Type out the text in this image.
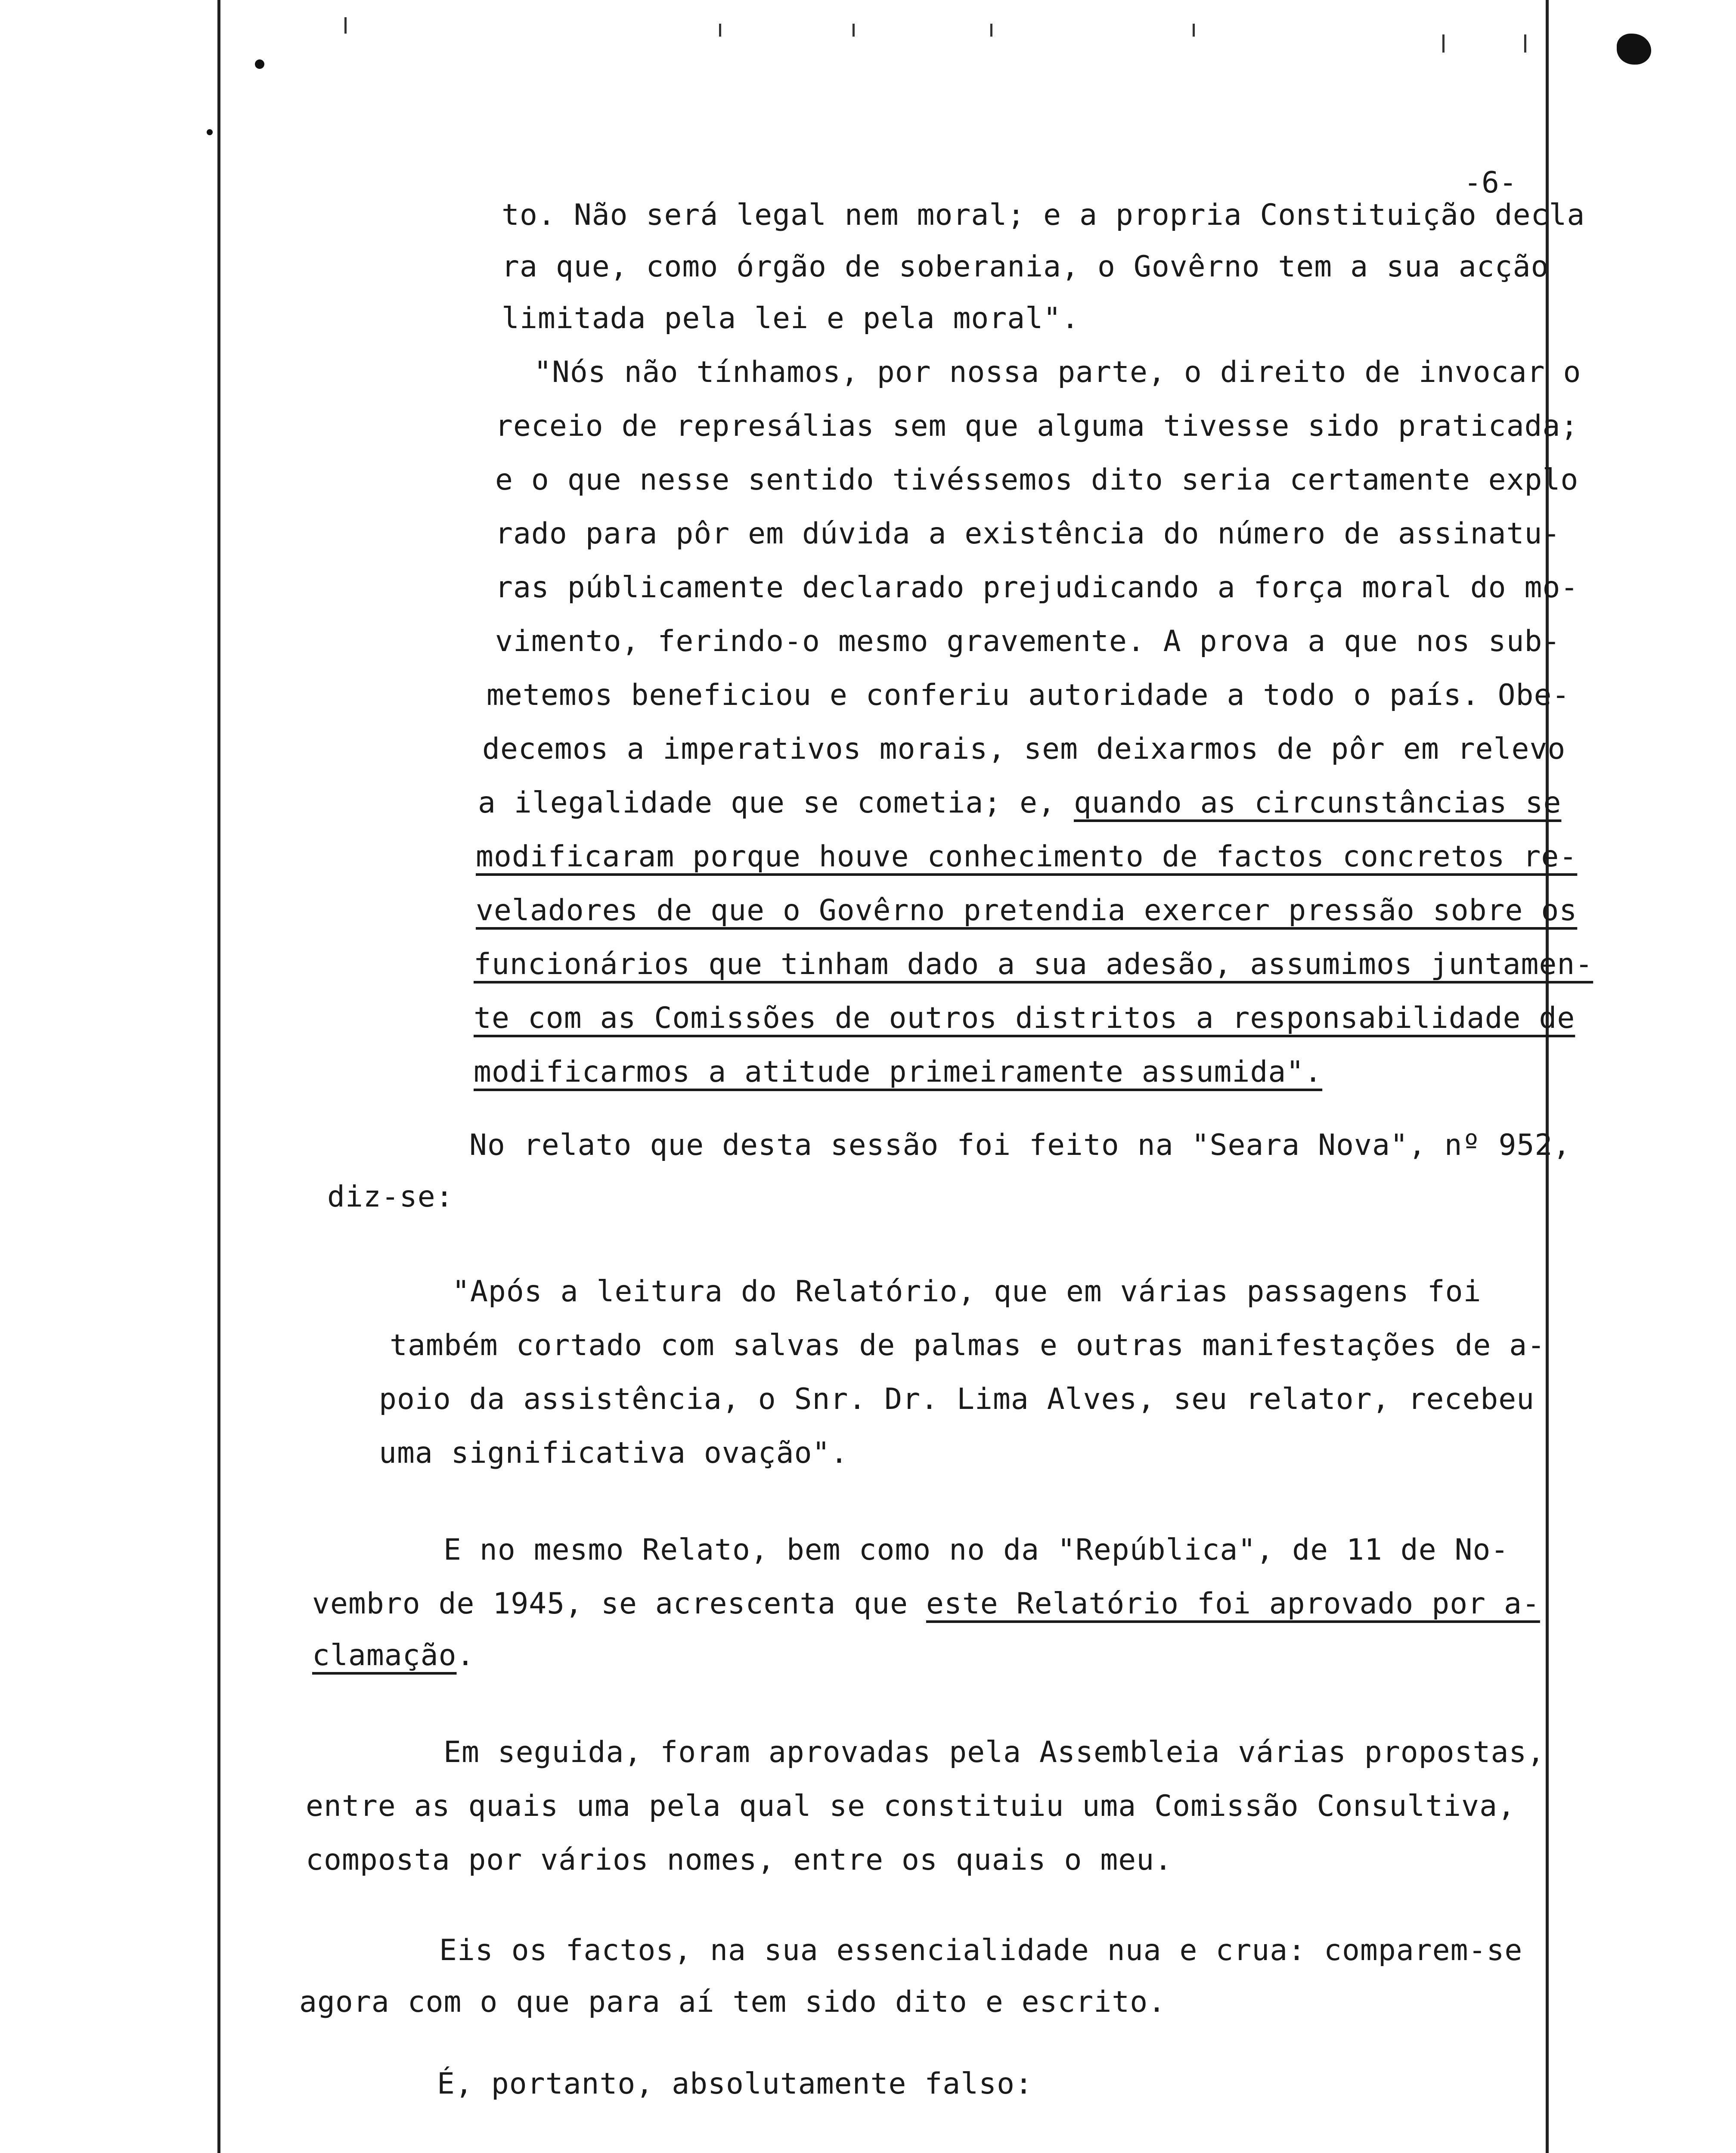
-6-

to. Não será legal nem moral; e a propria Constituição decla

ra que, como órgão de soberania, o Govêrno tem a sua acção

limitada pela lei e pela moral".

"Nós não tínhamos, por nossa parte, o direito de invocar o

receio de represálias sem que alguma tivesse sido praticada;

e o que nesse sentido tivéssemos dito seria certamente explo

rado para pôr em dúvida a existência do número de assinatu-

ras públicamente declarado prejudicando a força moral do mo-

vimento, ferindo-o mesmo gravemente. A prova a que nos sub-

metemos beneficiou e conferiu autoridade a todo o país. Obe-

decemos a imperativos morais, sem deixarmos de pôr em relevo

a ilegalidade que se cometia; e, quando as circunstâncias se

modificaram porque houve conhecimento de factos concretos re-

veladores de que o Govêrno pretendia exercer pressão sobre os

funcionários que tinham dado a sua adesão, assumimos juntamen-

te com as Comissões de outros distritos a responsabilidade de

modificarmos a atitude primeiramente assumida".

No relato que desta sessão foi feito na "Seara Nova", nº 952,

diz-se:

"Após a leitura do Relatório, que em várias passagens foi

também cortado com salvas de palmas e outras manifestações de a-

poio da assistência, o Snr. Dr. Lima Alves, seu relator, recebeu

uma significativa ovação".

E no mesmo Relato, bem como no da "República", de 11 de No-

vembro de 1945, se acrescenta que este Relatório foi aprovado por a-

clamação.

Em seguida, foram aprovadas pela Assembleia várias propostas,

entre as quais uma pela qual se constituiu uma Comissão Consultiva,

composta por vários nomes, entre os quais o meu.

Eis os factos, na sua essencialidade nua e crua: comparem-se

agora com o que para aí tem sido dito e escrito.

É, portanto, absolutamente falso:
